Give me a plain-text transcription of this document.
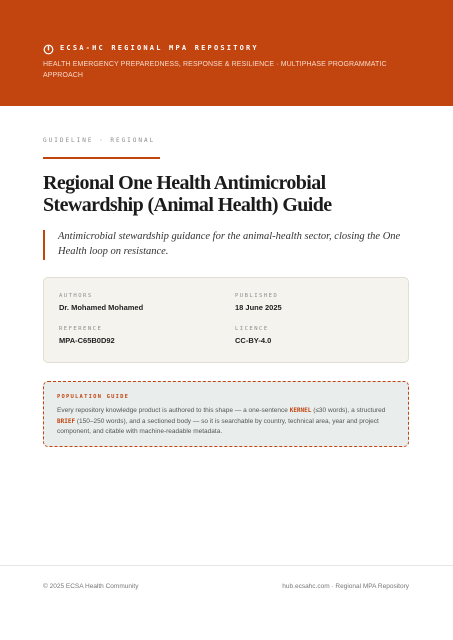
ECSA-HC REGIONAL MPA REPOSITORY
HEALTH EMERGENCY PREPAREDNESS, RESPONSE & RESILIENCE · MULTIPHASE PROGRAMMATIC APPROACH
GUIDELINE · REGIONAL
Regional One Health Antimicrobial Stewardship (Animal Health) Guide
Antimicrobial stewardship guidance for the animal-health sector, closing the One Health loop on resistance.
AUTHORS
Dr. Mohamed Mohamed
PUBLISHED
18 June 2025
REFERENCE
MPA-C65B0D92
LICENCE
CC-BY-4.0
POPULATION GUIDE
Every repository knowledge product is authored to this shape — a one-sentence KERNEL (≤30 words), a structured BRIEF (150–250 words), and a sectioned body — so it is searchable by country, technical area, year and project component, and citable with machine-readable metadata.
© 2025 ECSA Health Community	hub.ecsahc.com · Regional MPA Repository
